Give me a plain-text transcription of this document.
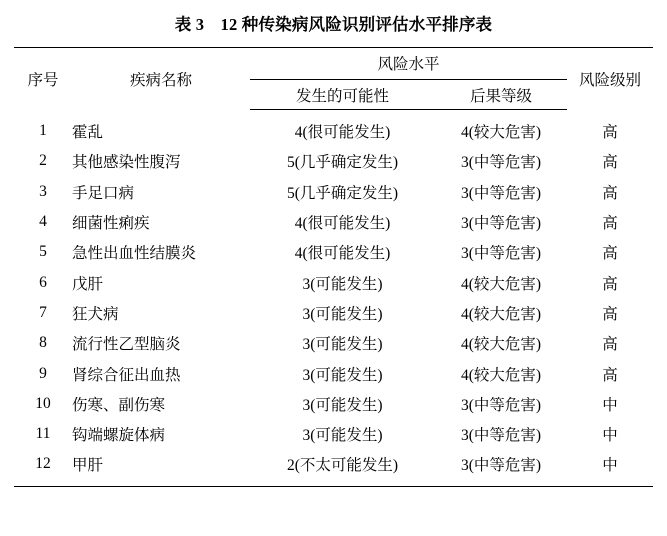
表 3 12 种传染病风险识别评估水平排序表
序号	疾病名称	风险水平		风险级别
		发生的可能性	后果等级	

1	霍乱	4(很可能发生)	4(较大危害)	高
2	其他感染性腹泻	5(几乎确定发生)	3(中等危害)	高
3	手足口病	5(几乎确定发生)	3(中等危害)	高
4	细菌性痢疾	4(很可能发生)	3(中等危害)	高
5	急性出血性结膜炎	4(很可能发生)	3(中等危害)	高
6	戊肝	3(可能发生)	4(较大危害)	高
7	狂犬病	3(可能发生)	4(较大危害)	高
8	流行性乙型脑炎	3(可能发生)	4(较大危害)	高
9	肾综合征出血热	3(可能发生)	4(较大危害)	高
10	伤寒、副伤寒	3(可能发生)	3(中等危害)	中
11	钩端螺旋体病	3(可能发生)	3(中等危害)	中
12	甲肝	2(不太可能发生)	3(中等危害)	中
